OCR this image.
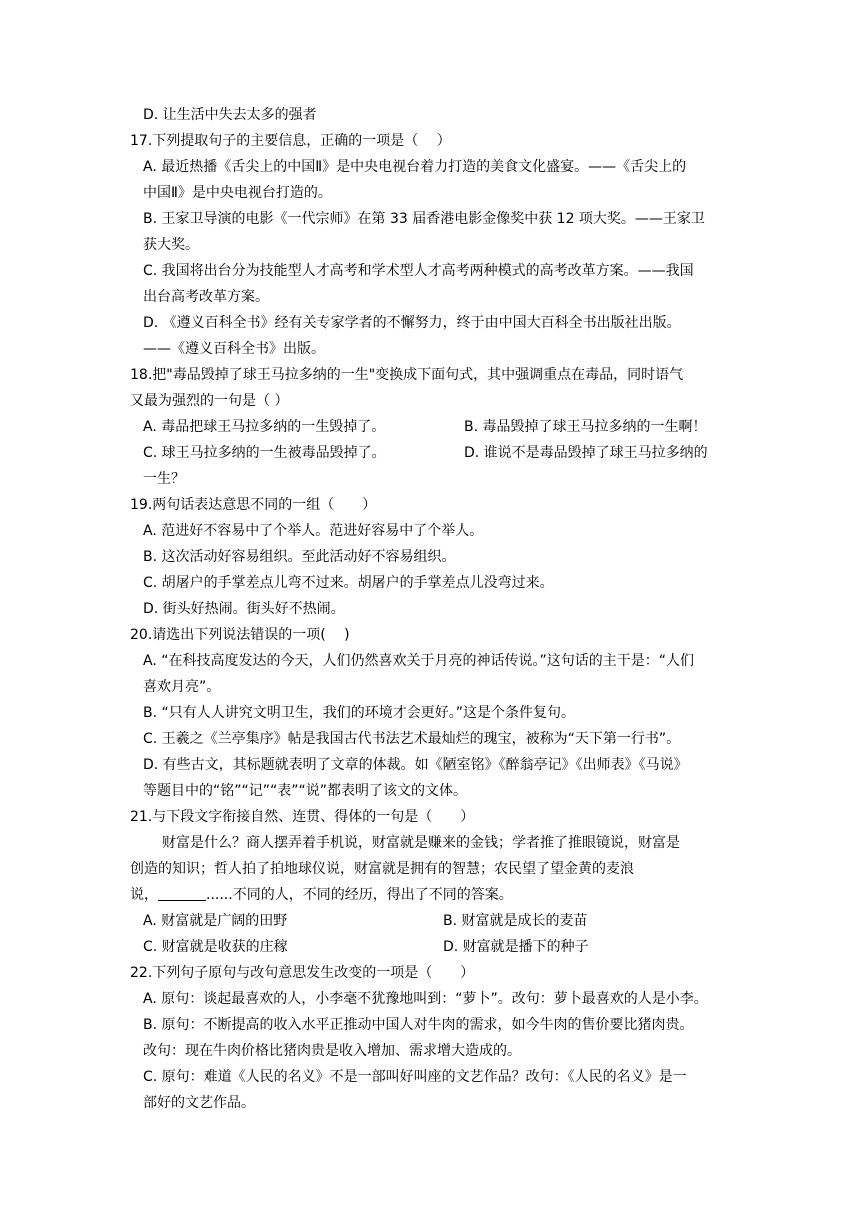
D. 让生活中失去太多的强者
17.下列提取句子的主要信息，正确的一项是（　 ）
A. 最近热播《舌尖上的中国Ⅱ》是中央电视台着力打造的美食文化盛宴。——《舌尖上的
中国Ⅱ》是中央电视台打造的。
B. 王家卫导演的电影《一代宗师》在第 33 届香港电影金像奖中获 12 项大奖。——王家卫
获大奖。
C. 我国将出台分为技能型人才高考和学术型人才高考两种模式的高考改革方案。——我国
出台高考改革方案。
D. 《遵义百科全书》经有关专家学者的不懈努力，终于由中国大百科全书出版社出版。
——《遵义百科全书》出版。
18.把"毒品毁掉了球王马拉多纳的一生"变换成下面句式，其中强调重点在毒品，同时语气
又最为强烈的一句是（ ）
A. 毒品把球王马拉多纳的一生毁掉了。	B. 毒品毁掉了球王马拉多纳的一生啊！
C. 球王马拉多纳的一生被毒品毁掉了。	D. 谁说不是毒品毁掉了球王马拉多纳的
一生？
19.两句话表达意思不同的一组（　　）
A. 范进好不容易中了个举人。范进好容易中了个举人。
B. 这次活动好容易组织。至此活动好不容易组织。
C. 胡屠户的手掌差点儿弯不过来。胡屠户的手掌差点儿没弯过来。
D. 街头好热闹。街头好不热闹。
20.请选出下列说法错误的一项(　 )
A. “在科技高度发达的今天，人们仍然喜欢关于月亮的神话传说。”这句话的主干是：“人们
喜欢月亮”。
B. “只有人人讲究文明卫生，我们的环境才会更好。”这是个条件复句。
C. 王羲之《兰亭集序》帖是我国古代书法艺术最灿烂的瑰宝，被称为“天下第一行书”。
D. 有些古文，其标题就表明了文章的体裁。如《陋室铭》《醉翁亭记》《出师表》《马说》
等题目中的“铭”“记”“表”“说”都表明了该文的文体。
21.与下段文字衔接自然、连贯、得体的一句是（　　）
财富是什么？商人摆弄着手机说，财富就是赚来的金钱；学者推了推眼镜说，财富是
创造的知识；哲人拍了拍地球仪说，财富就是拥有的智慧；农民望了望金黄的麦浪
说，	......不同的人，不同的经历，得出了不同的答案。
A. 财富就是广阔的田野	B. 财富就是成长的麦苗
C. 财富就是收获的庄稼	D. 财富就是播下的种子
22.下列句子原句与改句意思发生改变的一项是（　　）
A. 原句：谈起最喜欢的人，小李毫不犹豫地叫到：“萝卜”。改句：萝卜最喜欢的人是小李。
B. 原句：不断提高的收入水平正推动中国人对牛肉的需求，如今牛肉的售价要比猪肉贵。
改句：现在牛肉价格比猪肉贵是收入增加、需求增大造成的。
C. 原句：难道《人民的名义》不是一部叫好叫座的文艺作品？改句：《人民的名义》是一
部好的文艺作品。
